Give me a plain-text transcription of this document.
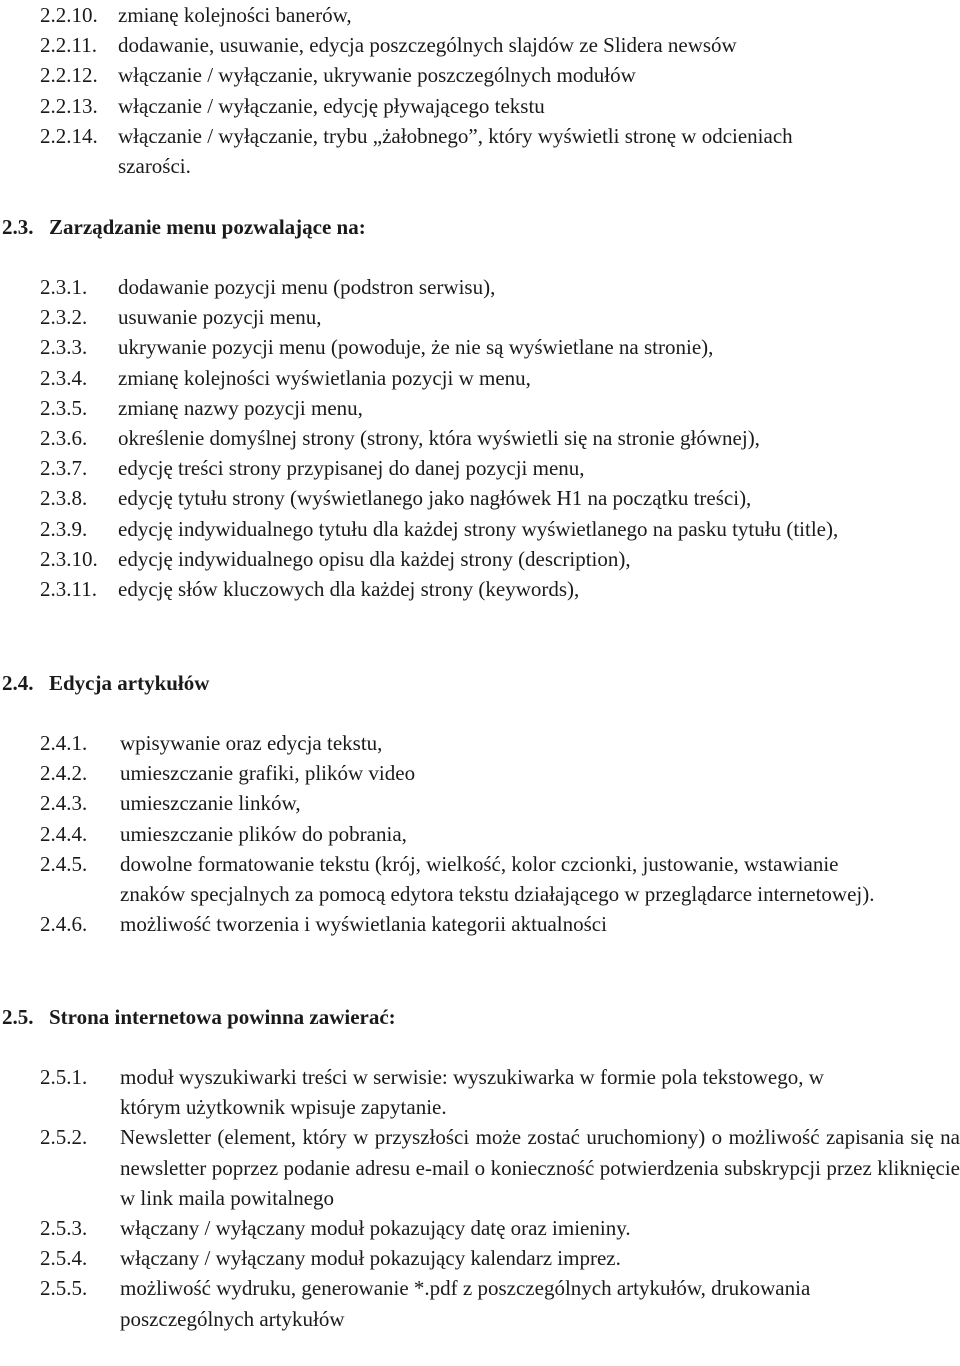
2.2.10. zmianę kolejności banerów,
2.2.11.	dodawanie, usuwanie, edycja poszczególnych slajdów ze Slidera newsów
2.2.12. włączanie / wyłączanie, ukrywanie poszczególnych modułów
2.2.13. włączanie / wyłączanie, edycję pływającego tekstu
2.2.14. włączanie / wyłączanie, trybu „żałobnego”, który wyświetli stronę w odcieniach szarości.
2.3. Zarządzanie menu pozwalające na:
2.3.1.	dodawanie pozycji menu (podstron serwisu),
2.3.2.	usuwanie pozycji menu,
2.3.3.	ukrywanie pozycji menu (powoduje, że nie są wyświetlane na stronie),
2.3.4.	zmianę kolejności wyświetlania pozycji w menu,
2.3.5.	zmianę nazwy pozycji menu,
2.3.6.	określenie domyślnej strony (strony, która wyświetli się na stronie głównej),
2.3.7.	edycję treści strony przypisanej do danej pozycji menu,
2.3.8.	edycję tytułu strony (wyświetlanego jako nagłówek H1 na początku treści),
2.3.9.	edycję indywidualnego tytułu dla każdej strony wyświetlanego na pasku tytułu (title),
2.3.10. edycję indywidualnego opisu dla każdej strony (description),
2.3.11.	edycję słów kluczowych dla każdej strony (keywords),
2.4. Edycja artykułów
2.4.1.	wpisywanie oraz edycja tekstu,
2.4.2.	umieszczanie grafiki, plików video
2.4.3.	umieszczanie linków,
2.4.4.	umieszczanie plików do pobrania,
2.4.5.	dowolne formatowanie tekstu (krój, wielkość, kolor czcionki, justowanie, wstawianie znaków specjalnych za pomocą edytora tekstu działającego w przeglądarce internetowej).
2.4.6.	możliwość tworzenia i wyświetlania kategorii aktualności
2.5. Strona internetowa powinna zawierać:
2.5.1.	moduł wyszukiwarki treści w serwisie: wyszukiwarka w formie pola tekstowego, w którym użytkownik wpisuje zapytanie.
2.5.2.	Newsletter (element, który w przyszłości może zostać uruchomiony) o możliwość zapisania się na newsletter poprzez podanie adresu e-mail o konieczność potwierdzenia subskrypcji przez kliknięcie w link maila powitalnego
2.5.3.	włączany / wyłączany moduł pokazujący datę oraz imieniny.
2.5.4.	włączany / wyłączany moduł pokazujący kalendarz imprez.
2.5.5.	możliwość wydruku, generowanie *.pdf z poszczególnych artykułów, drukowania poszczególnych artykułów
